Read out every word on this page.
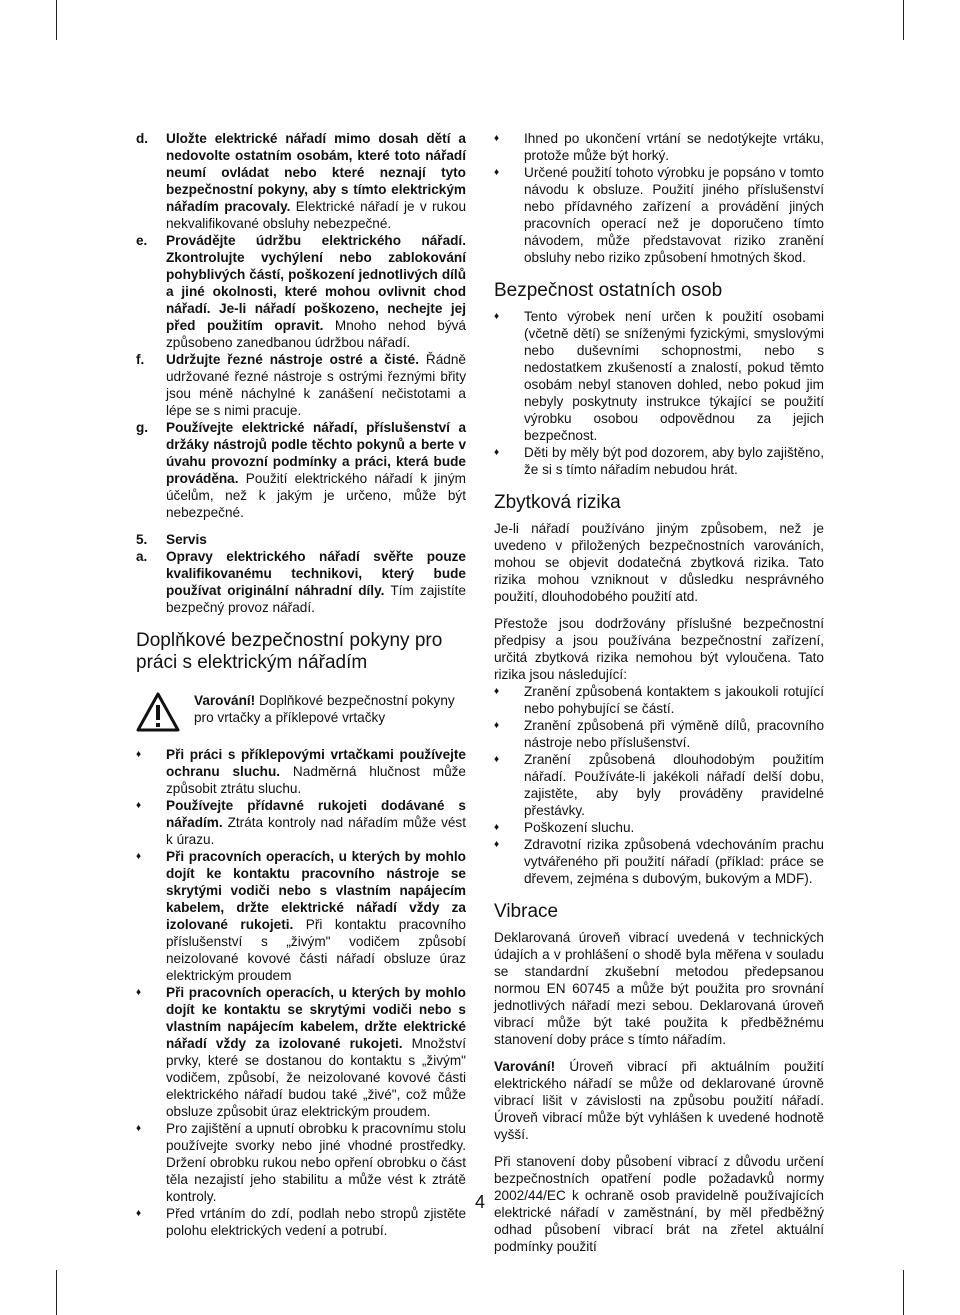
d. Uložte elektrické nářadí mimo dosah dětí a nedovolte ostatním osobám, které toto nářadí neumí ovládat nebo které neznají tyto bezpečnostní pokyny, aby s tímto elektrickým nářadím pracovaly. Elektrické nářadí je v rukou nekvalifikované obsluhy nebezpečné.
e. Provádějte údržbu elektrického nářadí. Zkontrolujte vychýlení nebo zablokování pohyblivých částí, poškození jednotlivých dílů a jiné okolnosti, které mohou ovlivnit chod nářadí. Je-li nářadí poškozeno, nechejte jej před použitím opravit. Mnoho nehod bývá způsobeno zanedbanou údržbou nářadí.
f. Udržujte řezné nástroje ostré a čisté. Řádně udržované řezné nástroje s ostrými řeznými břity jsou méně náchylné k zanášení nečistotami a lépe se s nimi pracuje.
g. Používejte elektrické nářadí, příslušenství a držáky nástrojů podle těchto pokynů a berte v úvahu provozní podmínky a práci, která bude prováděna. Použití elektrického nářadí k jiným účelům, než k jakým je určeno, může být nebezpečné.
5. Servis
a. Opravy elektrického nářadí svěřte pouze kvalifikovanému technikovi, který bude používat originální náhradní díly. Tím zajistíte bezpečný provoz nářadí.
Doplňkové bezpečnostní pokyny pro práci s elektrickým nářadím
Varování! Doplňkové bezpečnostní pokyny pro vrtačky a příklepové vrtačky
♦ Při práci s příklepovými vrtačkami používejte ochranu sluchu. Nadměrná hlučnost může způsobit ztrátu sluchu.
♦ Používejte přídavné rukojeti dodávané s nářadím. Ztráta kontroly nad nářadím může vést k úrazu.
♦ Při pracovních operacích, u kterých by mohlo dojít ke kontaktu pracovního nástroje se skrytými vodiči nebo s vlastním napájecím kabelem, držte elektrické nářadí vždy za izolované rukojeti. Při kontaktu pracovního příslušenství s „živým" vodičem způsobí neizolované kovové části nářadí obsluze úraz elektrickým proudem
♦ Při pracovních operacích, u kterých by mohlo dojít ke kontaktu se skrytými vodiči nebo s vlastním napájecím kabelem, držte elektrické nářadí vždy za izolované rukojeti. Množství prvky, které se dostanou do kontaktu s „živým" vodičem, způsobí, že neizolované kovové části elektrického nářadí budou také „živé", což může obsluze způsobit úraz elektrickým proudem.
♦ Pro zajištění a upnutí obrobku k pracovnímu stolu používejte svorky nebo jiné vhodné prostředky. Držení obrobku rukou nebo opření obrobku o část těla nezajistí jeho stabilitu a může vést k ztrátě kontroly.
♦ Před vrtáním do zdí, podlah nebo stropů zjistěte polohu elektrických vedení a potrubí.
♦ Ihned po ukončení vrtání se nedotýkejte vrtáku, protože může být horký.
♦ Určené použití tohoto výrobku je popsáno v tomto návodu k obsluze. Použití jiného příslušenství nebo přídavného zařízení a provádění jiných pracovních operací než je doporučeno tímto návodem, může představovat riziko zranění obsluhy nebo riziko způsobení hmotných škod.
Bezpečnost ostatních osob
♦ Tento výrobek není určen k použití osobami (včetně dětí) se sníženými fyzickými, smyslovými nebo duševními schopnostmi, nebo s nedostatkem zkušeností a znalostí, pokud těmto osobám nebyl stanoven dohled, nebo pokud jim nebyly poskytnuty instrukce týkající se použití výrobku osobou odpovědnou za jejich bezpečnost.
♦ Děti by měly být pod dozorem, aby bylo zajištěno, že si s tímto nářadím nebudou hrát.
Zbytková rizika

Je-li nářadí používáno jiným způsobem, než je uvedeno v přiložených bezpečnostních varováních, mohou se objevit dodatečná zbytková rizika. Tato rizika mohou vzniknout v důsledku nesprávného použití, dlouhodobého použití atd.

Přestože jsou dodržovány příslušné bezpečnostní předpisy a jsou používána bezpečnostní zařízení, určitá zbytková rizika nemohou být vyloučena. Tato rizika jsou následující:

♦ Zranění způsobená kontaktem s jakoukoli rotující nebo pohybující se částí.
♦ Zranění způsobená při výměně dílů, pracovního nástroje nebo příslušenství.
♦ Zranění způsobená dlouhodobým použitím nářadí. Používáte-li jakékoli nářadí delší dobu, zajistěte, aby byly prováděny pravidelné přestávky.
♦ Poškození sluchu.
♦ Zdravotní rizika způsobená vdechováním prachu vytvářeného při použití nářadí (příklad: práce se dřevem, zejména s dubovým, bukovým a MDF).
Vibrace

Deklarovaná úroveň vibrací uvedená v technických údajích a v prohlášení o shodě byla měřena v souladu se standardní zkušební metodou předepsanou normou EN 60745 a může být použita pro srovnání jednotlivých nářadí mezi sebou. Deklarovaná úroveň vibrací může být také použita k předběžnému stanovení doby práce s tímto nářadím.

Varování! Úroveň vibrací při aktuálním použití elektrického nářadí se může od deklarované úrovně vibrací lišit v závislosti na způsobu použití nářadí. Úroveň vibrací může být vyhlášen k uvedené hodnotě vyšší.

Při stanovení doby působení vibrací z důvodu určení bezpečnostních opatření podle požadavků normy 2002/44/EC k ochraně osob pravidelně používajících elektrické nářadí v zaměstnání, by měl předběžný odhad působení vibrací brát na zřetel aktuální podmínky použití

4
